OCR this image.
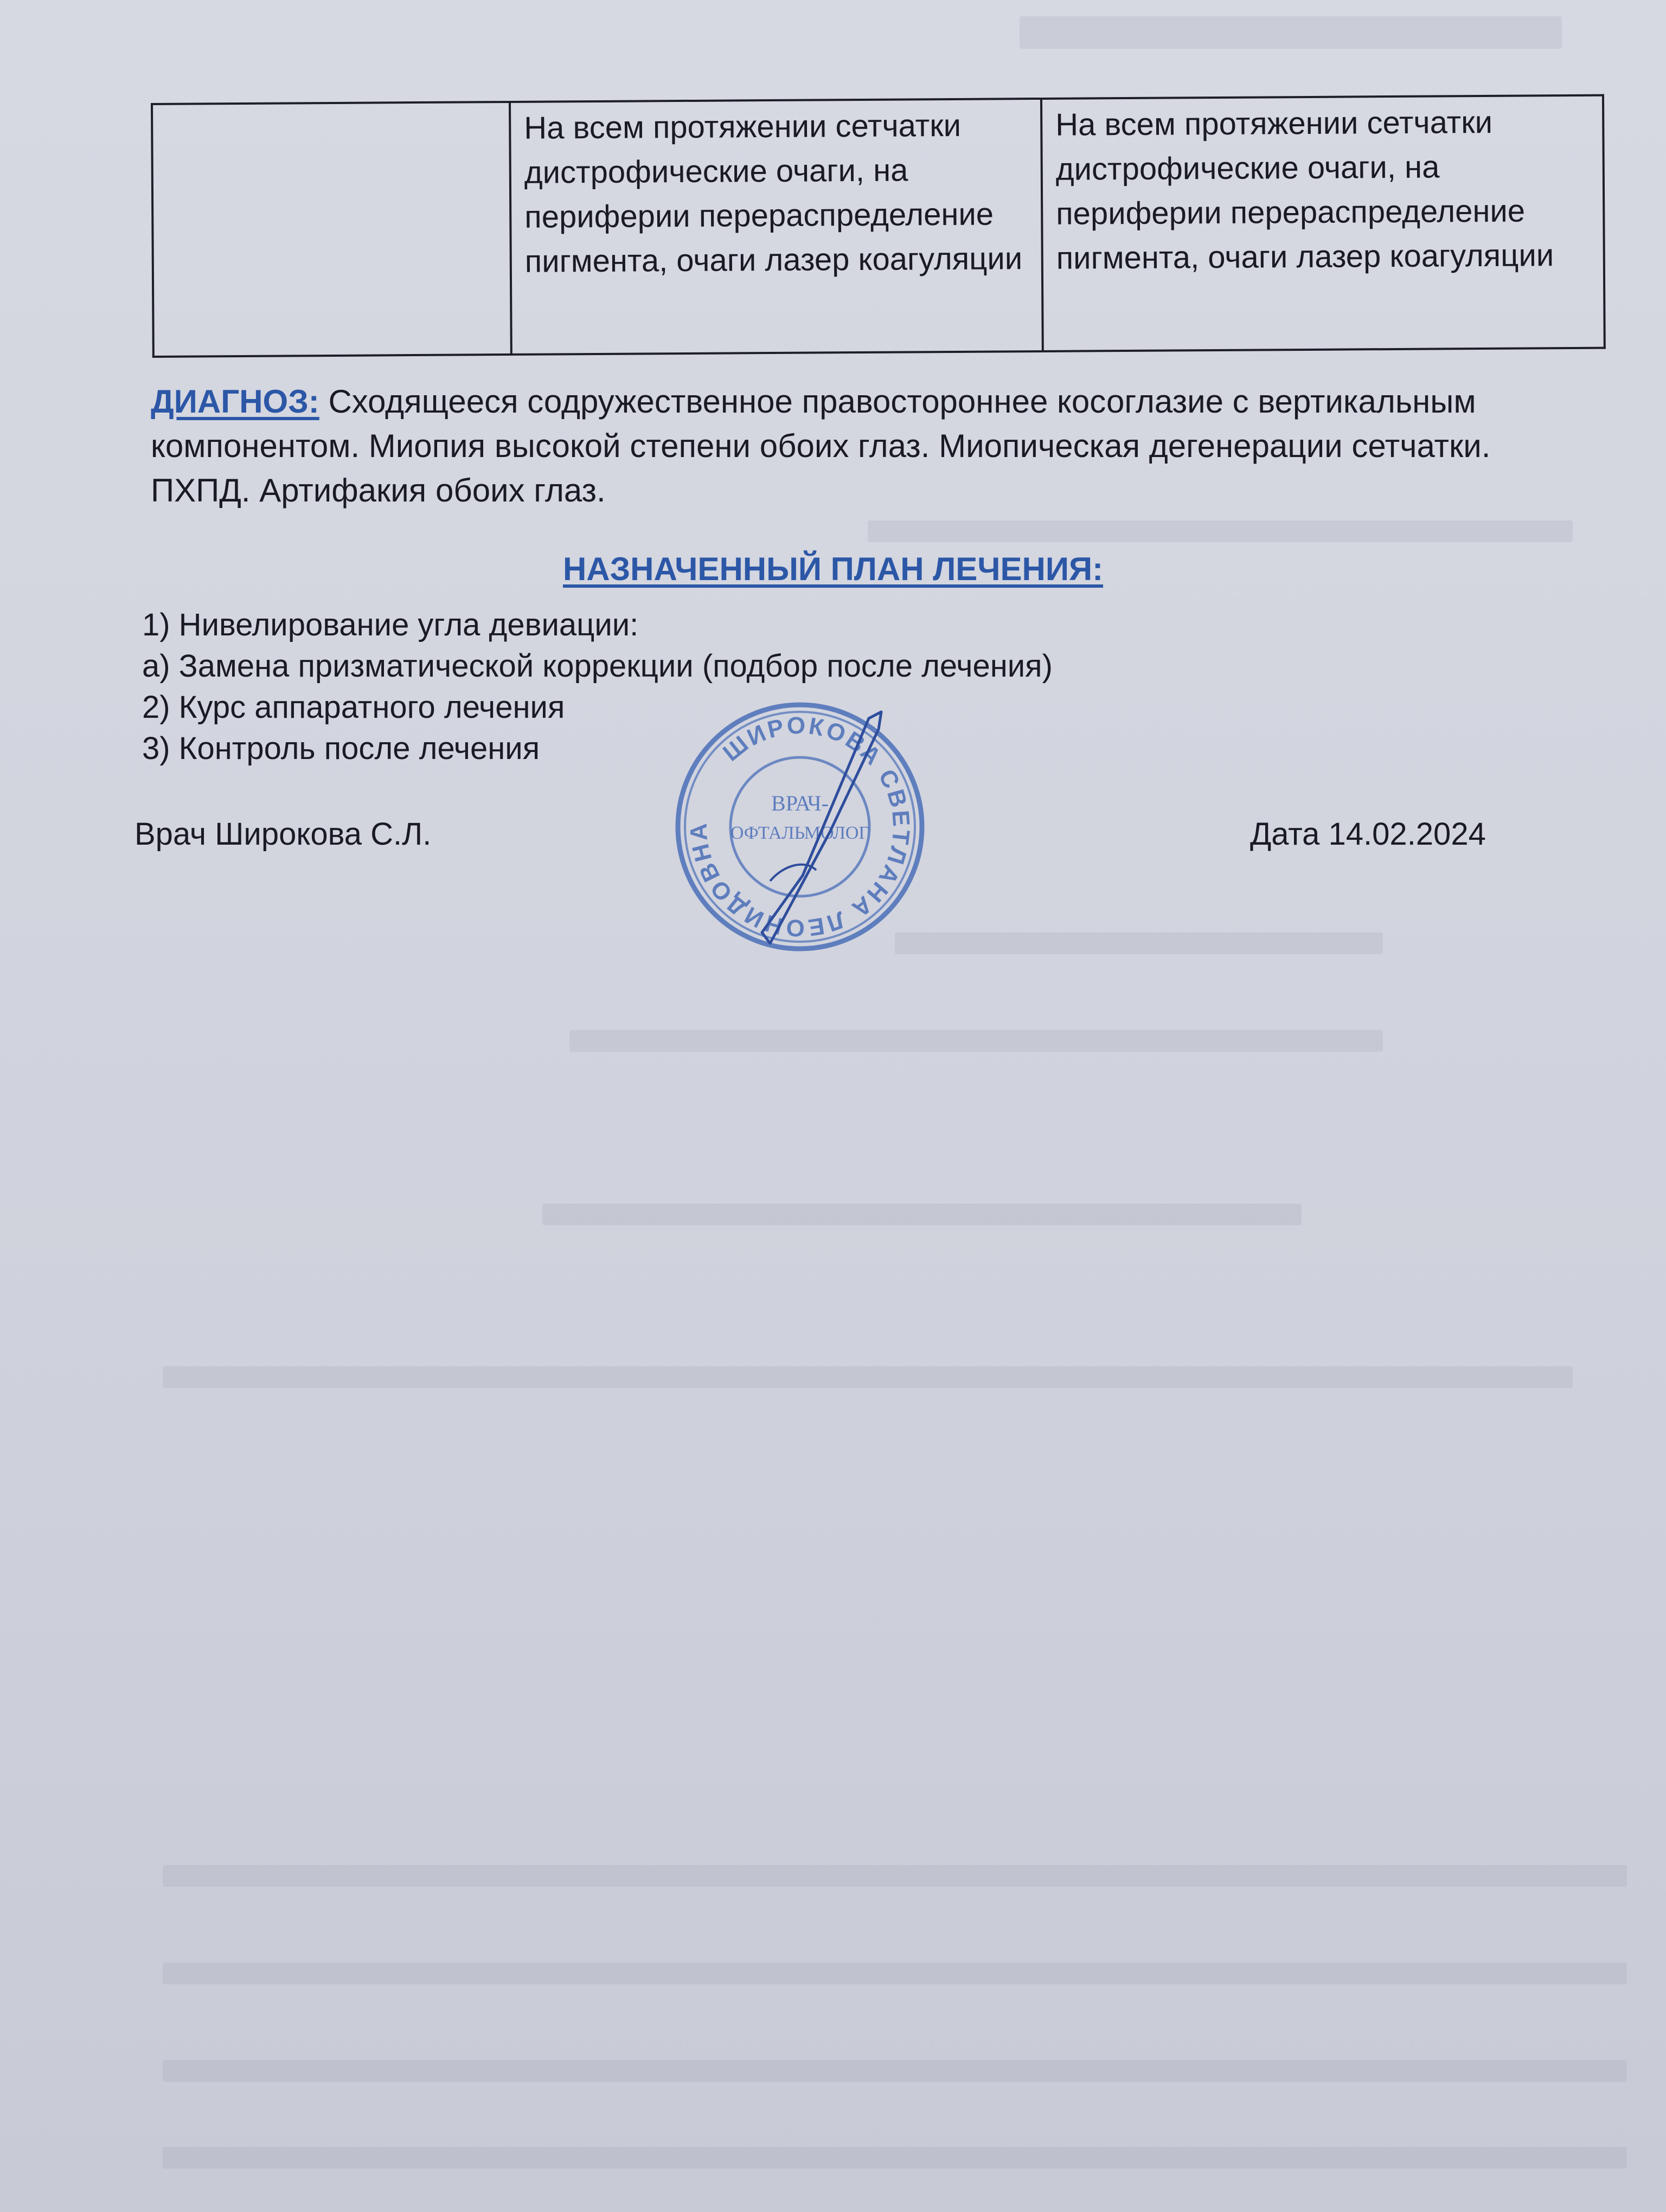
	На всем протяжении сетчатки дистрофические очаги, на периферии перераспределение пигмента, очаги лазер коагуляции	На всем протяжении сетчатки дистрофические очаги, на периферии перераспределение пигмента, очаги лазер коагуляции
ДИАГНОЗ: Сходящееся содружественное правостороннее косоглазие с вертикальным компонентом. Миопия высокой степени обоих глаз. Миопическая дегенерации сетчатки. ПХПД. Артифакия обоих глаз.
НАЗНАЧЕННЫЙ ПЛАН ЛЕЧЕНИЯ:
1) Нивелирование угла девиации:
а) Замена призматической коррекции (подбор после лечения)
2) Курс аппаратного лечения
3) Контроль после лечения
Врач Широкова С.Л.	Дата 14.02.2024
ШИРОКОВА СВЕТЛАНА ЛЕОНИДОВНА
ВРАЧ-
ОФТАЛЬМОЛОГ
